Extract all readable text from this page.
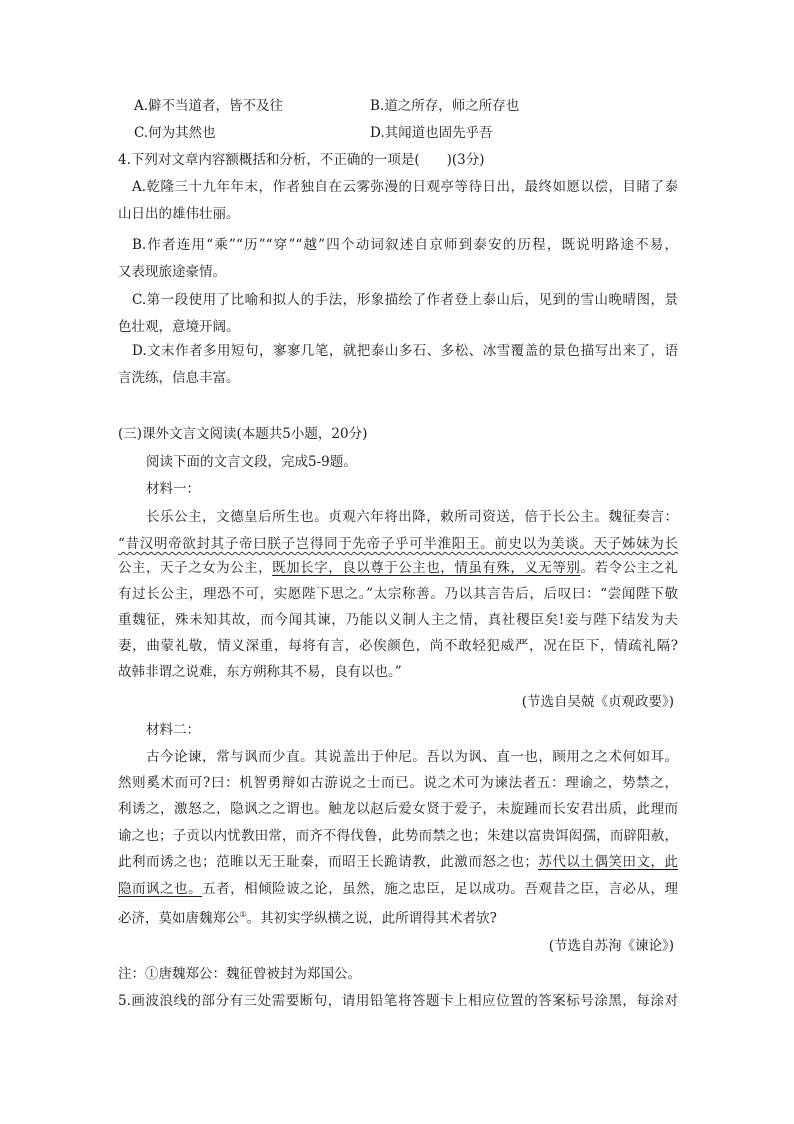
A.僻不当道者，皆不及往	B.道之所存，师之所存也
C.何为其然也	D.其闻道也固先乎吾
4.下列对文章内容额概括和分析，不正确的一项是(　　)(3分)
A.乾隆三十九年年末，作者独自在云雾弥漫的日观亭等待日出，最终如愿以偿，目睹了泰
山日出的雄伟壮丽。
B.作者连用“乘”“历”“穿”“越”四个动词叙述自京师到泰安的历程，既说明路途不易，
又表现旅途豪情。
C.第一段使用了比喻和拟人的手法，形象描绘了作者登上泰山后，见到的雪山晚晴图，景
色壮观，意境开阔。
D.文末作者多用短句，寥寥几笔，就把泰山多石、多松、冰雪覆盖的景色描写出来了，语
言洗练，信息丰富。
(三)课外文言文阅读(本题共5小题，20分)
阅读下面的文言文段，完成5-9题。
材料一：
长乐公主，文德皇后所生也。贞观六年将出降，敕所司资送，倍于长公主。魏征奏言：
“昔汉明帝欲封其子帝曰朕子岂得同于先帝子乎可半淮阳王。前史以为美谈。天子姊妹为长
公主，天子之女为公主，既加长字，良以尊于公主也，情虽有殊，义无等别。若令公主之礼
有过长公主，理恐不可，实愿陛下思之。”太宗称善。乃以其言告后，后叹曰：“尝闻陛下敬
重魏征，殊未知其故，而今闻其谏，乃能以义制人主之情，真社稷臣矣!妾与陛下结发为夫
妻，曲蒙礼敬，情义深重，每将有言，必俟颜色，尚不敢轻犯威严，况在臣下，情疏礼隔?
故韩非谓之说难，东方朔称其不易，良有以也。”
(节选自吴兢《贞观政要》)
材料二：
古今论谏，常与讽而少直。其说盖出于仲尼。吾以为讽、直一也，顾用之之术何如耳。
然则奚术而可?曰：机智勇辩如古游说之士而已。说之术可为谏法者五：理谕之，势禁之，
利诱之，激怒之，隐讽之之谓也。触龙以赵后爱女贤于爱子，未旋踵而长安君出质，此理而
谕之也；子贡以内忧教田常，而齐不得伐鲁，此势而禁之也；朱建以富贵饵闳孺，而辟阳赦，
此利而诱之也；范睢以无王耻秦，而昭王长跪请教，此激而怒之也；苏代以土偶笑田文，此
隐而讽之也。五者，相倾险诐之论，虽然，施之忠臣，足以成功。吾观昔之臣，言必从，理
必济，莫如唐魏郑公①。其初实学纵横之说，此所谓得其术者欤?
(节选自苏洵《谏论》)
注：①唐魏郑公：魏征曾被封为郑国公。
5.画波浪线的部分有三处需要断句，请用铅笔将答题卡上相应位置的答案标号涂黑，每涂对
